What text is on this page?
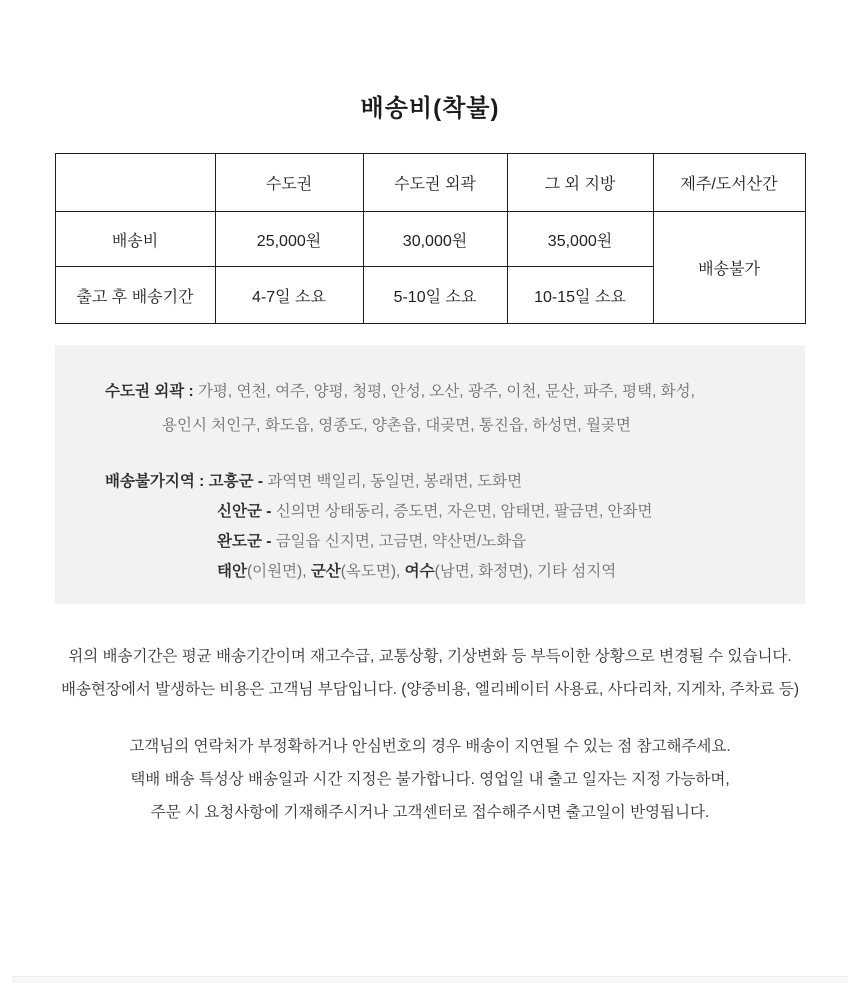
배송비(착불)
	수도권	수도권 외곽	그 외 지방	제주/도서산간
배송비	25,000원	30,000원	35,000원	배송불가
출고 후 배송기간	4-7일 소요	5-10일 소요	10-15일 소요	
수도권 외곽 : 가평, 연천, 여주, 양평, 청평, 안성, 오산, 광주, 이천, 문산, 파주, 평택, 화성,
용인시 처인구, 화도읍, 영종도, 양촌읍, 대곶면, 통진읍, 하성면, 월곶면
배송불가지역 : 고흥군 - 과역면 백일리, 동일면, 봉래면, 도화면
신안군 - 신의면 상태동리, 증도면, 자은면, 암태면, 팔금면, 안좌면
완도군 - 금일읍 신지면, 고금면, 약산면/노화읍
태안(이원면), 군산(옥도면), 여수(남면, 화정면), 기타 섬지역

위의 배송기간은 평균 배송기간이며 재고수급, 교통상황, 기상변화 등 부득이한 상황으로 변경될 수 있습니다.
배송현장에서 발생하는 비용은 고객님 부담입니다. (양중비용, 엘리베이터 사용료, 사다리차, 지게차, 주차료 등)

고객님의 연락처가 부정확하거나 안심번호의 경우 배송이 지연될 수 있는 점 참고해주세요.
택배 배송 특성상 배송일과 시간 지정은 불가합니다. 영업일 내 출고 일자는 지정 가능하며,
주문 시 요청사항에 기재해주시거나 고객센터로 접수해주시면 출고일이 반영됩니다.
